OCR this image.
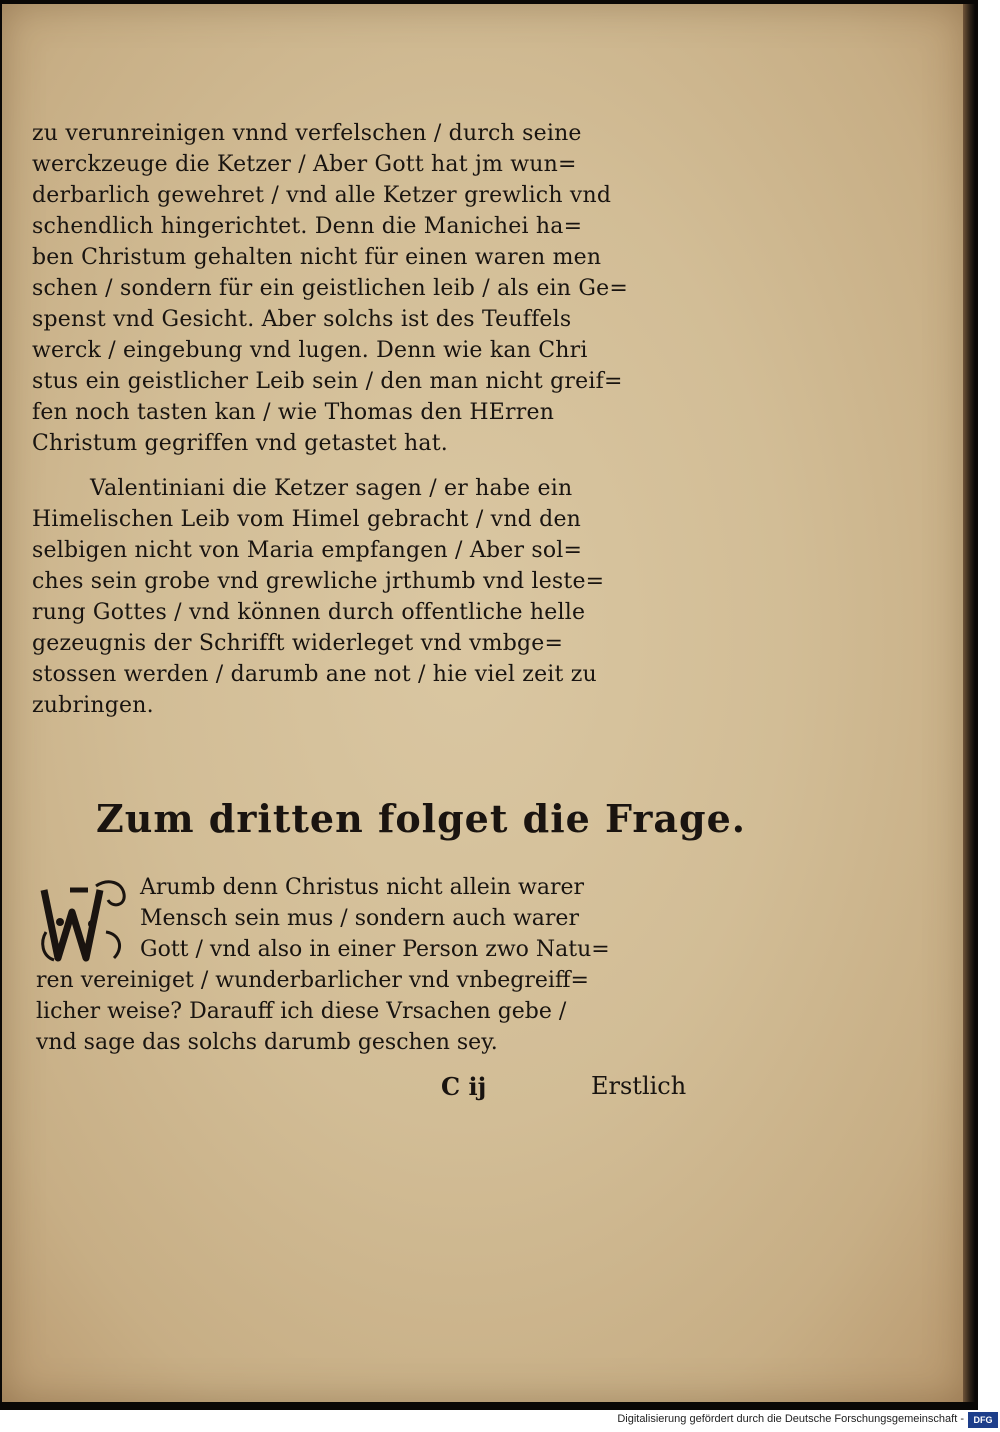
zu verunreinigen vnnd verfelschen / durch seine
werckzeuge die Ketzer / Aber Gott hat jm wun=
derbarlich gewehret / vnd alle Ketzer grewlich vnd
schendlich hingerichtet. Denn die Manichei ha=
ben Christum gehalten nicht für einen waren men
schen / sondern für ein geistlichen leib / als ein Ge=
spenst vnd Gesicht. Aber solchs ist des Teuffels
werck / eingebung vnd lugen. Denn wie kan Chri
stus ein geistlicher Leib sein / den man nicht greif=
fen noch tasten kan / wie Thomas den HErren
Christum gegriffen vnd getastet hat.
Valentiniani die Ketzer sagen / er habe ein
Himelischen Leib vom Himel gebracht / vnd den
selbigen nicht von Maria empfangen / Aber sol=
ches sein grobe vnd grewliche jrthumb vnd leste=
rung Gottes / vnd können durch offentliche helle
gezeugnis der Schrifft widerleget vnd vmbge=
stossen werden / darumb ane not / hie viel zeit zu
zubringen.
Zum dritten folget die Frage.
Arumb denn Christus nicht allein warer
Mensch sein mus / sondern auch warer
Gott / vnd also in einer Person zwo Natu=
ren vereiniget / wunderbarlicher vnd vnbegreiff=
licher weise? Darauff ich diese Vrsachen gebe /
vnd sage das solchs darumb geschen sey.
C ij	Erstlich
Digitalisierung gefördert durch die Deutsche Forschungsgemeinschaft -	DFG
